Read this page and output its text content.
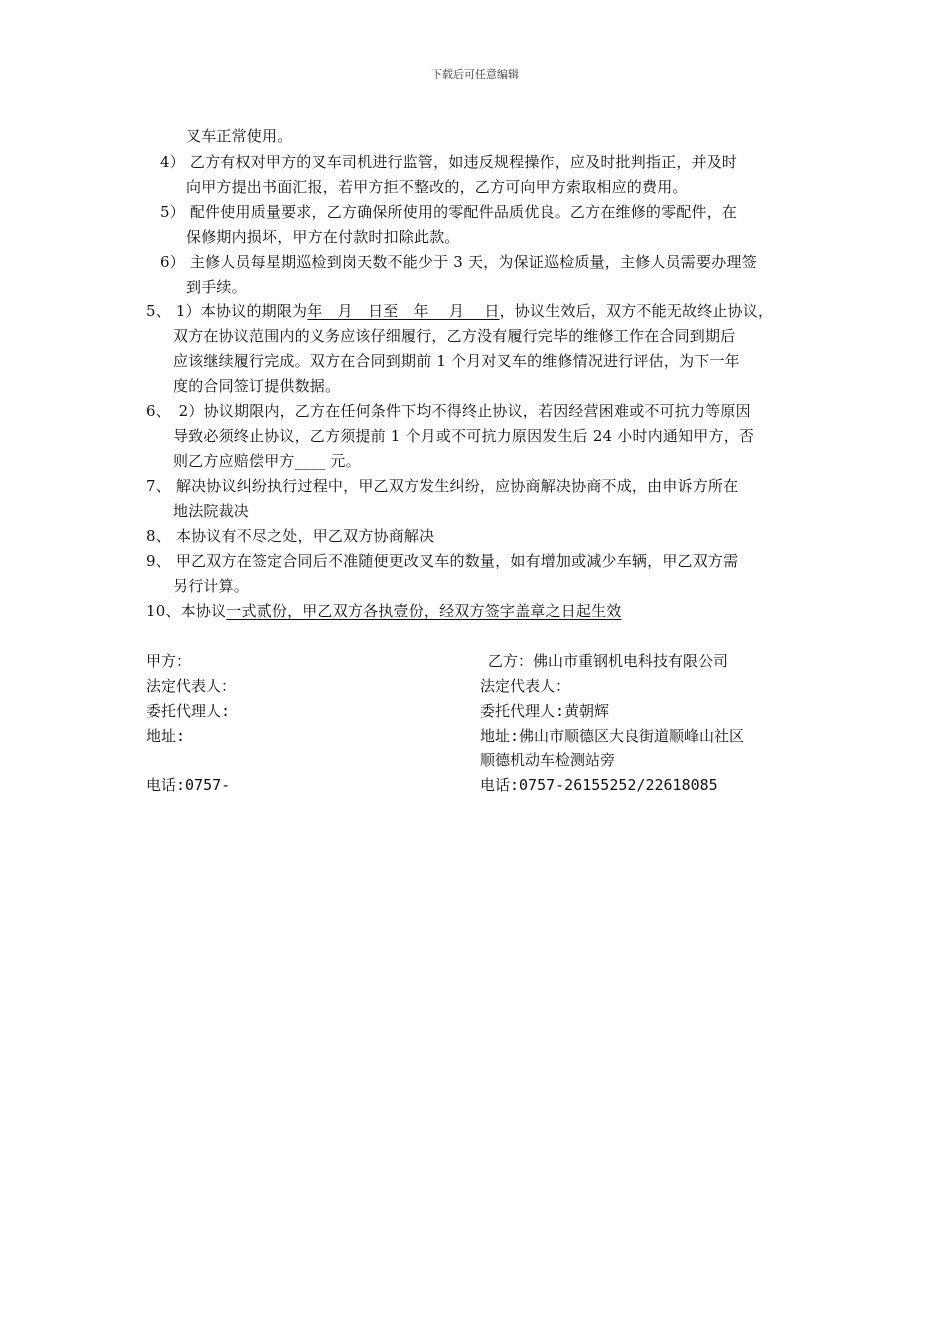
下载后可任意编辑
叉车正常使用。
4） 乙方有权对甲方的叉车司机进行监管，如违反规程操作，应及时批判指正，并及时
向甲方提出书面汇报，若甲方拒不整改的，乙方可向甲方索取相应的费用。
5） 配件使用质量要求，乙方确保所使用的零配件品质优良。乙方在维修的零配件，在
保修期内损坏，甲方在付款时扣除此款。
6） 主修人员每星期巡检到岗天数不能少于 3 天，为保证巡检质量，主修人员需要办理签
到手续。
5、 1）本协议的期限为年　月　日至　年　 月　 日，协议生效后，双方不能无故终止协议，
双方在协议范围内的义务应该仔细履行，乙方没有履行完毕的维修工作在合同到期后
应该继续履行完成。双方在合同到期前 1 个月对叉车的维修情况进行评估，为下一年
度的合同签订提供数据。
6、　2）协议期限内，乙方在任何条件下均不得终止协议，若因经营困难或不可抗力等原因
导致必须终止协议，乙方须提前 1 个月或不可抗力原因发生后 24 小时内通知甲方，否
则乙方应赔偿甲方____ 元。
7、 解决协议纠纷执行过程中，甲乙双方发生纠纷，应协商解决协商不成，由申诉方所在
地法院裁决
8、 本协议有不尽之处，甲乙双方协商解决
9、 甲乙双方在签定合同后不准随便更改叉车的数量，如有增加或减少车辆，甲乙双方需
另行计算。
10、本协议一式贰份，甲乙双方各执壹份，经双方签字盖章之日起生效
甲方：
法定代表人：
委托代理人:
地址:
电话:0757-
乙方：佛山市重钢机电科技有限公司
法定代表人：
委托代理人:黄朝辉
地址:佛山市顺德区大良街道顺峰山社区
顺德机动车检测站旁
电话:0757-26155252/22618085
